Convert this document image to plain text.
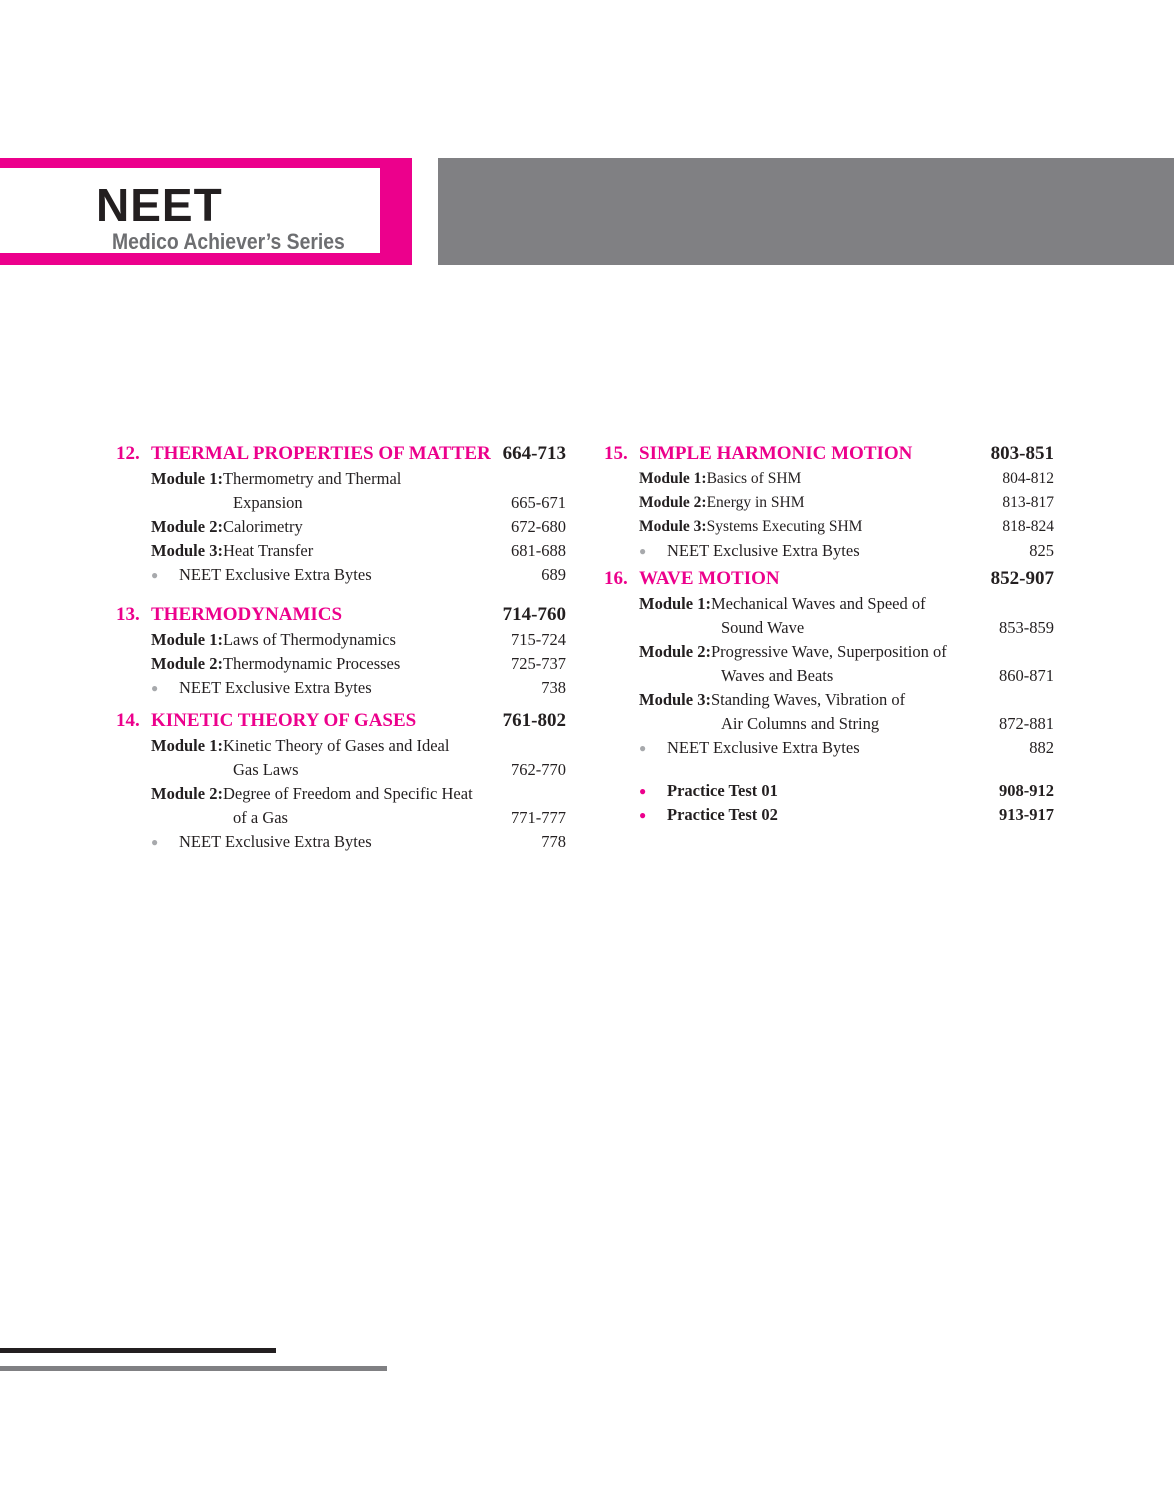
NEET
Medico Achiever’s Series
12. THERMAL PROPERTIES OF MATTER 664-713
Module 1: Thermometry and Thermal
Expansion	665-671
Module 2: Calorimetry	672-680
Module 3: Heat Transfer	681-688
●	NEET Exclusive Extra Bytes	689
13. THERMODYNAMICS	714-760
Module 1: Laws of Thermodynamics	715-724
Module 2: Thermodynamic Processes	725-737
●	NEET Exclusive Extra Bytes	738
14. KINETIC THEORY OF GASES	761-802
Module 1: Kinetic Theory of Gases and Ideal
Gas Laws	762-770
Module 2: Degree of Freedom and Specific Heat
of a Gas	771-777
●	NEET Exclusive Extra Bytes	778
15. SIMPLE HARMONIC MOTION	803-851
Module 1: Basics of SHM	804-812
Module 2: Energy in SHM	813-817
Module 3: Systems Executing SHM	818-824
●	NEET Exclusive Extra Bytes	825
16. WAVE MOTION	852-907
Module 1: Mechanical Waves and Speed of
Sound Wave	853-859
Module 2: Progressive Wave, Superposition of
Waves and Beats	860-871
Module 3: Standing Waves, Vibration of
Air Columns and String	872-881
●	NEET Exclusive Extra Bytes	882
●	Practice Test 01	908-912
●	Practice Test 02	913-917
